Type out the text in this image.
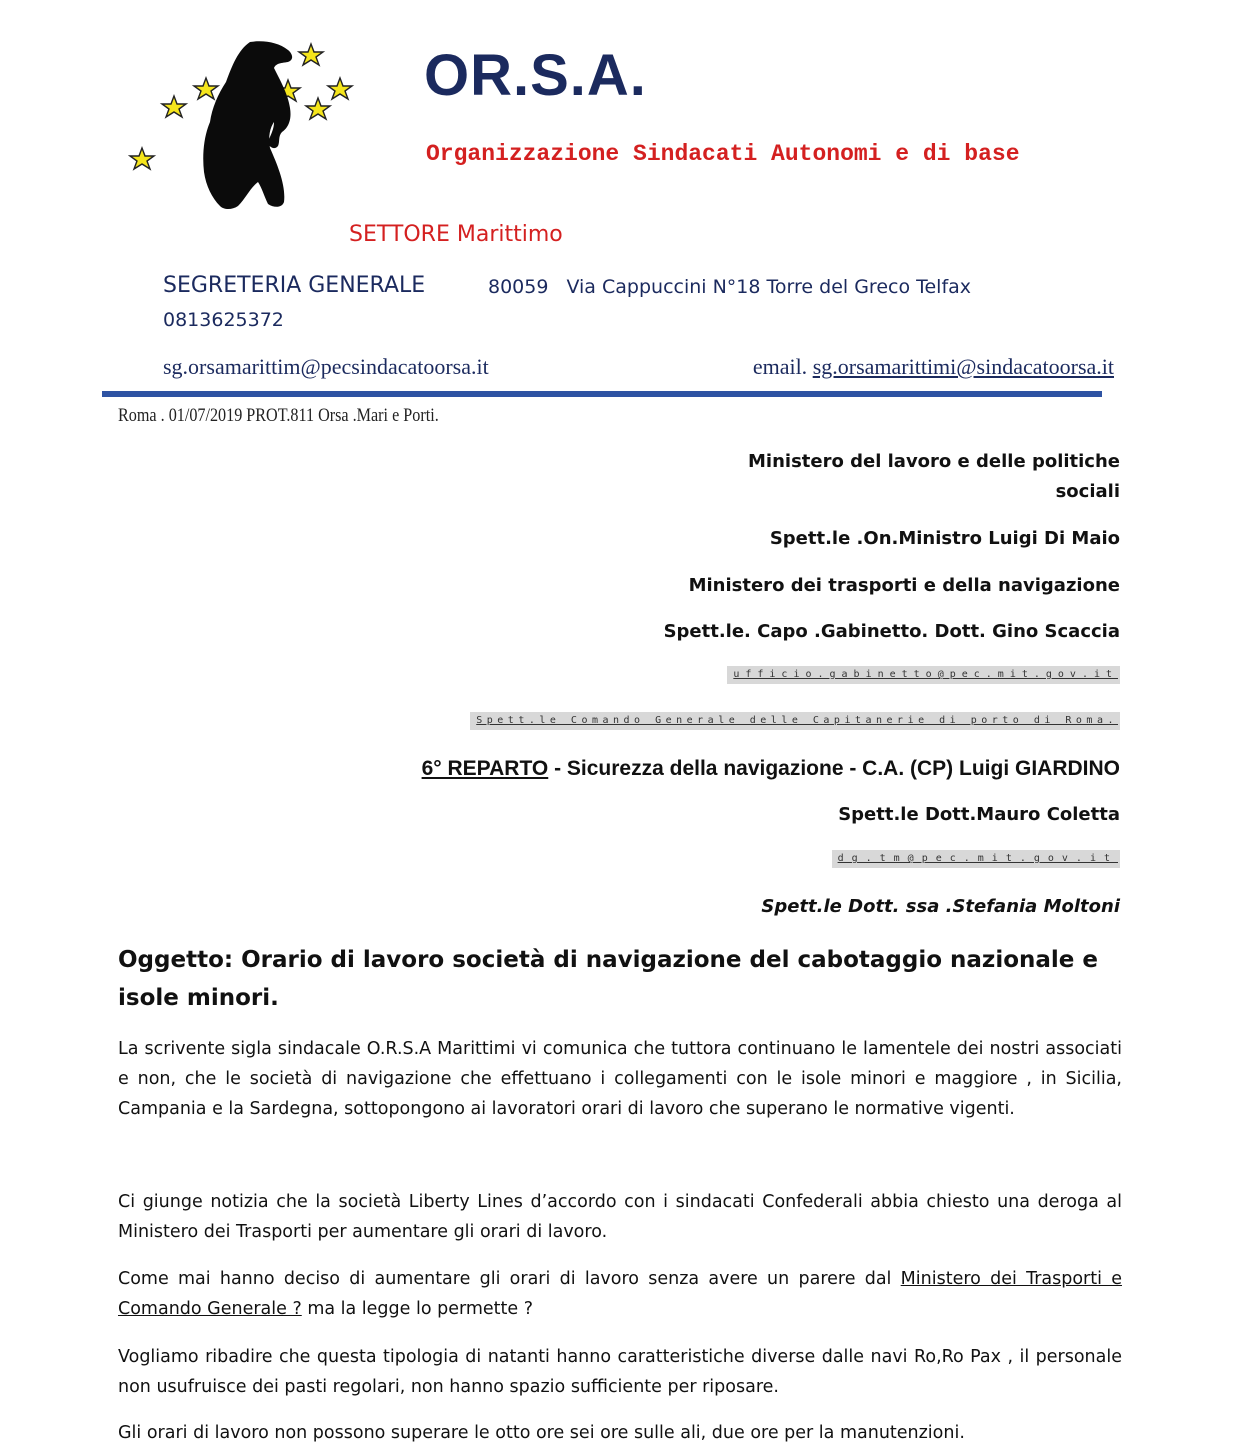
OR.S.A.
Organizzazione Sindacati Autonomi e di base
SETTORE Marittimo
SEGRETERIA GENERALE	80059 Via Cappuccini N°18 Torre del Greco Telfax
0813625372
sg.orsamarittim@pecsindacatoorsa.it	email. sg.orsamarittimi@sindacatoorsa.it
Roma . 01/07/2019 PROT.811 Orsa .Mari e Porti.
Ministero del lavoro e delle politiche
sociali
Spett.le .On.Ministro Luigi Di Maio
Ministero dei trasporti e della navigazione
Spett.le. Capo .Gabinetto. Dott. Gino Scaccia
ufficio.gabinetto@pec.mit.gov.it
Spett.le Comando Generale delle Capitanerie di porto di Roma.
6° REPARTO - Sicurezza della navigazione - C.A. (CP) Luigi GIARDINO
Spett.le Dott.Mauro Coletta
dg.tm@pec.mit.gov.it
Spett.le Dott. ssa .Stefania Moltoni
Oggetto: Orario di lavoro società di navigazione del cabotaggio nazionale e isole minori.
La scrivente sigla sindacale O.R.S.A Marittimi vi comunica che tuttora continuano le lamentele dei nostri associati e non, che le società di navigazione che effettuano i collegamenti con le isole minori e maggiore , in Sicilia, Campania e la Sardegna, sottopongono ai lavoratori orari di lavoro che superano le normative vigenti.
Ci giunge notizia che la società Liberty Lines d’accordo con i sindacati Confederali abbia chiesto una deroga al Ministero dei Trasporti per aumentare gli orari di lavoro.
Come mai hanno deciso di aumentare gli orari di lavoro senza avere un parere dal Ministero dei Trasporti e Comando Generale ? ma la legge lo permette ?
Vogliamo ribadire che questa tipologia di natanti hanno caratteristiche diverse dalle navi Ro,Ro Pax , il personale non usufruisce dei pasti regolari, non hanno spazio sufficiente per riposare.
Gli orari di lavoro non possono superare le otto ore sei ore sulle ali, due ore per la manutenzioni.
